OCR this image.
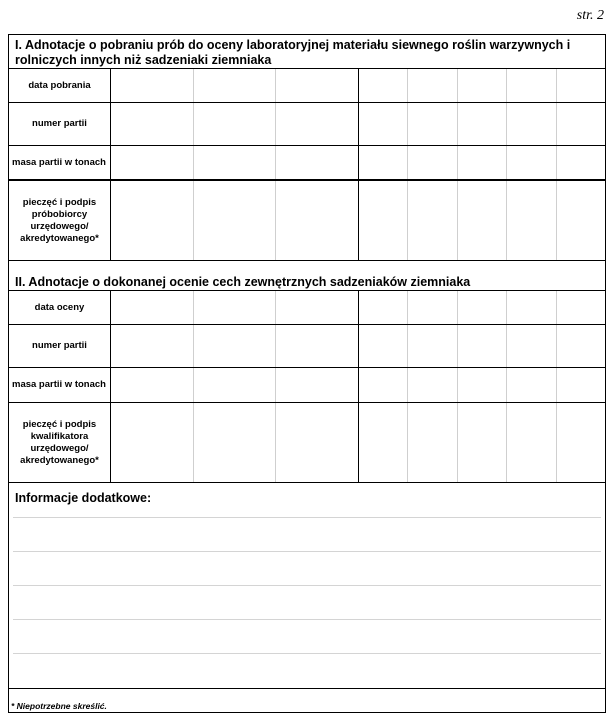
str. 2
I. Adnotacje o pobraniu prób do oceny laboratoryjnej materiału siewnego roślin warzywnych i rolniczych innych niż sadzeniaki ziemniaka
data pobrania
numer partii
masa partii w tonach
pieczęć i podpis próbobiorcy urzędowego/ akredytowanego*
II. Adnotacje o dokonanej ocenie cech zewnętrznych sadzeniaków ziemniaka
data oceny
numer partii
masa partii w tonach
pieczęć i podpis kwalifikatora urzędowego/ akredytowanego*
Informacje dodatkowe:
* Niepotrzebne skreślić.
